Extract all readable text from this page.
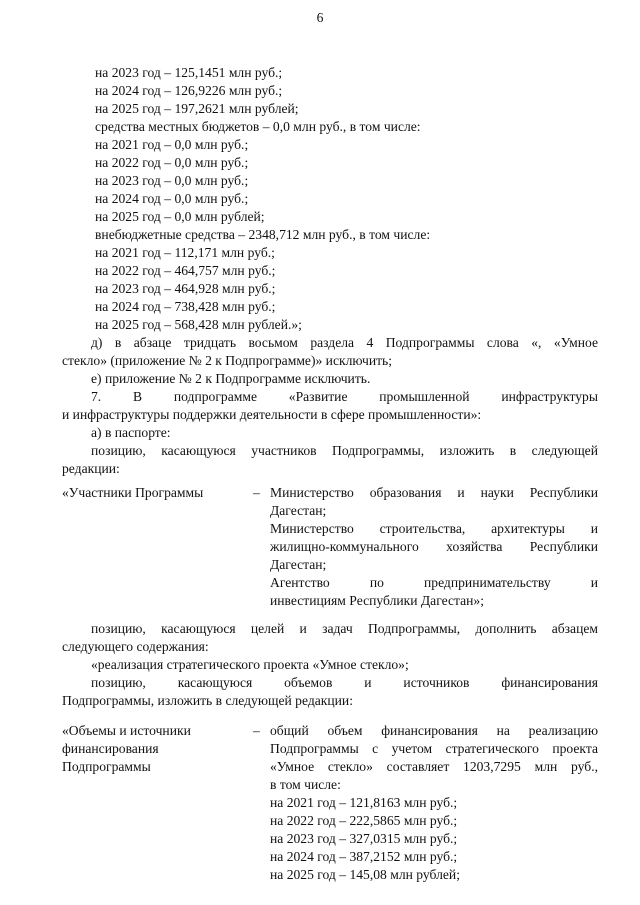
6
на 2023 год – 125,1451 млн руб.;
на 2024 год – 126,9226 млн руб.;
на 2025 год – 197,2621 млн рублей;
средства местных бюджетов – 0,0 млн руб., в том числе:
на 2021 год – 0,0 млн руб.;
на 2022 год – 0,0 млн руб.;
на 2023 год – 0,0 млн руб.;
на 2024 год – 0,0 млн руб.;
на 2025 год – 0,0 млн рублей;
внебюджетные средства – 2348,712 млн руб., в том числе:
на 2021 год – 112,171 млн руб.;
на 2022 год – 464,757 млн руб.;
на 2023 год – 464,928 млн руб.;
на 2024 год – 738,428 млн руб.;
на 2025 год – 568,428 млн рублей.»;
д) в абзаце тридцать восьмом раздела 4 Подпрограммы слова «, «Умное
стекло» (приложение № 2 к Подпрограмме)» исключить;
е) приложение № 2 к Подпрограмме исключить.
7. В подпрограмме «Развитие промышленной инфраструктуры
и инфраструктуры поддержки деятельности в сфере промышленности»:
а) в паспорте:
позицию, касающуюся участников Подпрограммы, изложить в следующей
редакции:
«Участники Программы	– Министерство образования и науки Республики
Дагестан;
Министерство строительства, архитектуры и
жилищно-коммунального хозяйства Республики
Дагестан;
Агентство по предпринимательству и
инвестициям Республики Дагестан»;
позицию, касающуюся целей и задач Подпрограммы, дополнить абзацем
следующего содержания:
«реализация стратегического проекта «Умное стекло»;
позицию, касающуюся объемов и источников финансирования
Подпрограммы, изложить в следующей редакции:
«Объемы и источники
финансирования
Подпрограммы
– общий объем финансирования на реализацию
Подпрограммы с учетом стратегического проекта
«Умное стекло» составляет 1203,7295 млн руб.,
в том числе:
на 2021 год – 121,8163 млн руб.;
на 2022 год – 222,5865 млн руб.;
на 2023 год – 327,0315 млн руб.;
на 2024 год – 387,2152 млн руб.;
на 2025 год – 145,08 млн рублей;
